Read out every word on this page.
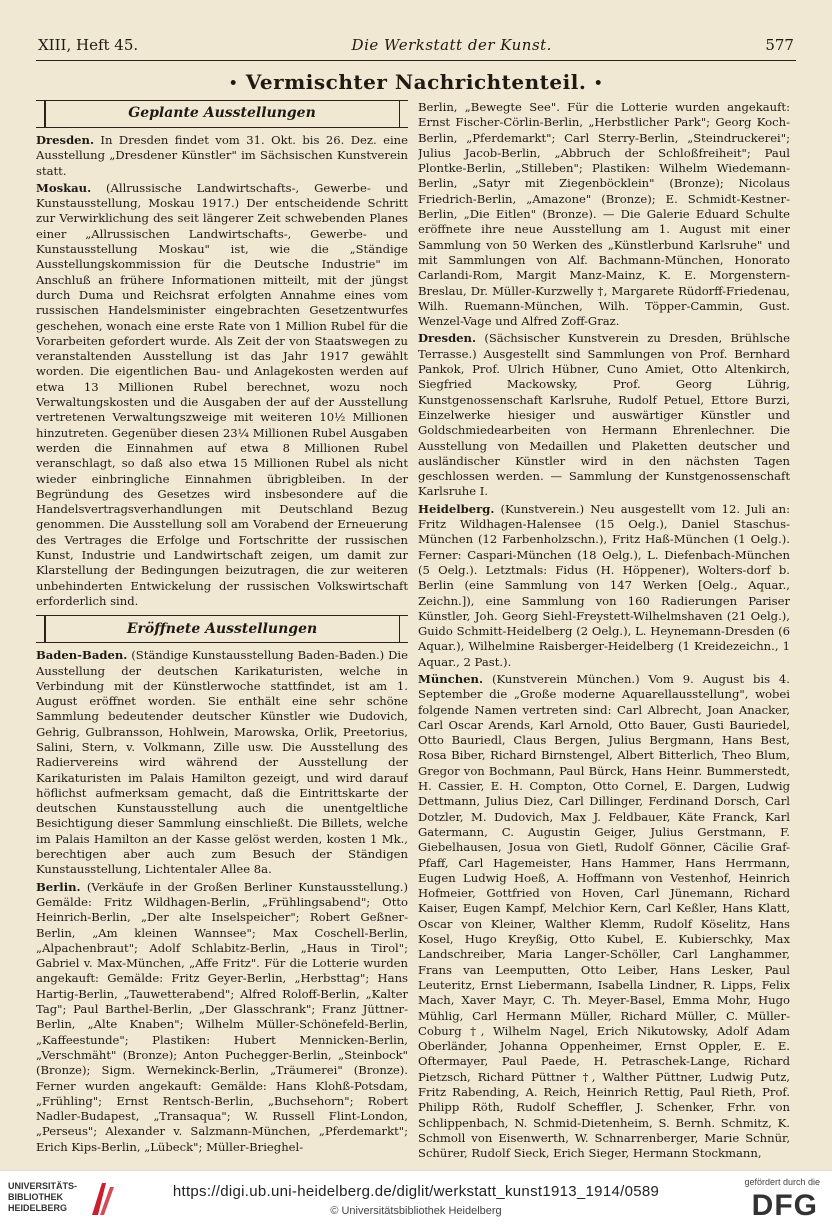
XIII, Heft 45.	Die Werkstatt der Kunst.	577
• Vermischter Nachrichtenteil. •
Geplante Ausstellungen

Dresden. In Dresden findet vom 31. Okt. bis 26. Dez. eine Ausstellung „Dresdener Künstler" im Sächsischen Kunstverein statt.

Moskau. (Allrussische Landwirtschafts-, Gewerbe- und Kunstausstellung, Moskau 1917.) Der entscheidende Schritt zur Verwirklichung des seit längerer Zeit schwebenden Planes einer „Allrussischen Landwirtschafts-, Gewerbe- und Kunstausstellung Moskau" ist, wie die „Ständige Ausstellungskommission für die Deutsche Industrie" im Anschluß an frühere Informationen mitteilt, mit der jüngst durch Duma und Reichsrat erfolgten Annahme eines vom russischen Handelsminister eingebrachten Gesetzentwurfes geschehen, wonach eine erste Rate von 1 Million Rubel für die Vorarbeiten gefordert wurde. Als Zeit der von Staatswegen zu veranstaltenden Ausstellung ist das Jahr 1917 gewählt worden. Die eigentlichen Bau- und Anlagekosten werden auf etwa 13 Millionen Rubel berechnet, wozu noch Verwaltungskosten und die Ausgaben der auf der Ausstellung vertretenen Verwaltungszweige mit weiteren 10½ Millionen hinzutreten. Gegenüber diesen 23¼ Millionen Rubel Ausgaben werden die Einnahmen auf etwa 8 Millionen Rubel veranschlagt, so daß also etwa 15 Millionen Rubel als nicht wieder einbringliche Einnahmen übrigbleiben. In der Begründung des Gesetzes wird insbesondere auf die Handelsvertragsverhandlungen mit Deutschland Bezug genommen. Die Ausstellung soll am Vorabend der Erneuerung des Vertrages die Erfolge und Fortschritte der russischen Kunst, Industrie und Landwirtschaft zeigen, um damit zur Klarstellung der Bedingungen beizutragen, die zur weiteren unbehinderten Entwickelung der russischen Volkswirtschaft erforderlich sind.

Eröffnete Ausstellungen

Baden-Baden. (Ständige Kunstausstellung Baden-Baden.) Die Ausstellung der deutschen Karikaturisten, welche in Verbindung mit der Künstlerwoche stattfindet, ist am 1. August eröffnet worden. Sie enthält eine sehr schöne Sammlung bedeutender deutscher Künstler wie Dudovich, Gehrig, Gulbransson, Hohlwein, Marowska, Orlik, Preetorius, Salini, Stern, v. Volkmann, Zille usw. Die Ausstellung des Radiervereins wird während der Ausstellung der Karikaturisten im Palais Hamilton gezeigt, und wird darauf höflichst aufmerksam gemacht, daß die Eintrittskarte der deutschen Kunstausstellung auch die unentgeltliche Besichtigung dieser Sammlung einschließt. Die Billets, welche im Palais Hamilton an der Kasse gelöst werden, kosten 1 Mk., berechtigen aber auch zum Besuch der Ständigen Kunstausstellung, Lichtentaler Allee 8a.

Berlin. (Verkäufe in der Großen Berliner Kunstausstellung.) Gemälde: Fritz Wildhagen-Berlin, „Frühlingsabend"; Otto Heinrich-Berlin, „Der alte Inselspeicher"; Robert Geßner-Berlin, „Am kleinen Wannsee"; Max Coschell-Berlin, „Alpachenbraut"; Adolf Schlabitz-Berlin, „Haus in Tirol"; Gabriel v. Max-München, „Affe Fritz". Für die Lotterie wurden angekauft: Gemälde: Fritz Geyer-Berlin, „Herbsttag"; Hans Hartig-Berlin, „Tauwetterabend"; Alfred Roloff-Berlin, „Kalter Tag"; Paul Barthel-Berlin, „Der Glasschrank"; Franz Jüttner-Berlin, „Alte Knaben"; Wilhelm Müller-Schönefeld-Berlin, „Kaffeestunde"; Plastiken: Hubert Mennicken-Berlin, „Verschmäht" (Bronze); Anton Puchegger-Berlin, „Steinbock" (Bronze); Sigm. Wernekinck-Berlin, „Träumerei" (Bronze). Ferner wurden angekauft: Gemälde: Hans Klohß-Potsdam, „Frühling"; Ernst Rentsch-Berlin, „Buchsehorn"; Robert Nadler-Budapest, „Transaqua"; W. Russell Flint-London, „Perseus"; Alexander v. Salzmann-München, „Pferdemarkt"; Erich Kips-Berlin, „Lübeck"; Müller-Brieghel-

Berlin, „Bewegte See". Für die Lotterie wurden angekauft: Ernst Fischer-Cörlin-Berlin, „Herbstlicher Park"; Georg Koch-Berlin, „Pferdemarkt"; Carl Sterry-Berlin, „Steindruckerei"; Julius Jacob-Berlin, „Abbruch der Schloßfreiheit"; Paul Plontke-Berlin, „Stilleben"; Plastiken: Wilhelm Wiedemann-Berlin, „Satyr mit Ziegenböcklein" (Bronze); Nicolaus Friedrich-Berlin, „Amazone" (Bronze); E. Schmidt-Kestner-Berlin, „Die Eitlen" (Bronze). — Die Galerie Eduard Schulte eröffnete ihre neue Ausstellung am 1. August mit einer Sammlung von 50 Werken des „Künstlerbund Karlsruhe" und mit Sammlungen von Alf. Bachmann-München, Honorato Carlandi-Rom, Margit Manz-Mainz, K. E. Morgenstern-Breslau, Dr. Müller-Kurzwelly †, Margarete Rüdorff-Friedenau, Wilh. Ruemann-München, Wilh. Töpper-Cammin, Gust. Wenzel-Vage und Alfred Zoff-Graz.

Dresden. (Sächsischer Kunstverein zu Dresden, Brühlsche Terrasse.) Ausgestellt sind Sammlungen von Prof. Bernhard Pankok, Prof. Ulrich Hübner, Cuno Amiet, Otto Altenkirch, Siegfried Mackowsky, Prof. Georg Lührig, Kunstgenossenschaft Karlsruhe, Rudolf Petuel, Ettore Burzi, Einzelwerke hiesiger und auswärtiger Künstler und Goldschmiedearbeiten von Hermann Ehrenlechner. Die Ausstellung von Medaillen und Plaketten deutscher und ausländischer Künstler wird in den nächsten Tagen geschlossen werden. — Sammlung der Kunstgenossenschaft Karlsruhe I.

Heidelberg. (Kunstverein.) Neu ausgestellt vom 12. Juli an: Fritz Wildhagen-Halensee (15 Oelg.), Daniel Staschus-München (12 Farbenholzschn.), Fritz Haß-München (1 Oelg.). Ferner: Caspari-München (18 Oelg.), L. Diefenbach-München (5 Oelg.). Letztmals: Fidus (H. Höppener), Wolters-dorf b. Berlin (eine Sammlung von 147 Werken [Oelg., Aquar., Zeichn.]), eine Sammlung von 160 Radierungen Pariser Künstler, Joh. Georg Siehl-Freystett-Wilhelmshaven (21 Oelg.), Guido Schmitt-Heidelberg (2 Oelg.), L. Heynemann-Dresden (6 Aquar.), Wilhelmine Raisberger-Heidelberg (1 Kreidezeichn., 1 Aquar., 2 Past.).

München. (Kunstverein München.) Vom 9. August bis 4. September die „Große moderne Aquarellausstellung", wobei folgende Namen vertreten sind: Carl Albrecht, Joan Anacker, Carl Oscar Arends, Karl Arnold, Otto Bauer, Gusti Bauriedel, Otto Bauriedl, Claus Bergen, Julius Bergmann, Hans Best, Rosa Biber, Richard Birnstengel, Albert Bitterlich, Theo Blum, Gregor von Bochmann, Paul Bürck, Hans Heinr. Bummerstedt, H. Cassier, E. H. Compton, Otto Cornel, E. Dargen, Ludwig Dettmann, Julius Diez, Carl Dillinger, Ferdinand Dorsch, Carl Dotzler, M. Dudovich, Max J. Feldbauer, Käte Franck, Karl Gatermann, C. Augustin Geiger, Julius Gerstmann, F. Giebelhausen, Josua von Gietl, Rudolf Gönner, Cäcilie Graf-Pfaff, Carl Hagemeister, Hans Hammer, Hans Herrmann, Eugen Ludwig Hoeß, A. Hoffmann von Vestenhof, Heinrich Hofmeier, Gottfried von Hoven, Carl Jünemann, Richard Kaiser, Eugen Kampf, Melchior Kern, Carl Keßler, Hans Klatt, Oscar von Kleiner, Walther Klemm, Rudolf Köselitz, Hans Kosel, Hugo Kreyßig, Otto Kubel, E. Kubierschky, Max Landschreiber, Maria Langer-Schöller, Carl Langhammer, Frans van Leemputten, Otto Leiber, Hans Lesker, Paul Leuteritz, Ernst Liebermann, Isabella Lindner, R. Lipps, Felix Mach, Xaver Mayr, C. Th. Meyer-Basel, Emma Mohr, Hugo Mühlig, Carl Hermann Müller, Richard Müller, C. Müller-Coburg †, Wilhelm Nagel, Erich Nikutowsky, Adolf Adam Oberländer, Johanna Oppenheimer, Ernst Oppler, E. E. Oftermayer, Paul Paede, H. Petraschek-Lange, Richard Pietzsch, Richard Püttner †, Walther Püttner, Ludwig Putz, Fritz Rabending, A. Reich, Heinrich Rettig, Paul Rieth, Prof. Philipp Röth, Rudolf Scheffler, J. Schenker, Frhr. von Schlippenbach, N. Schmid-Dietenheim, S. Bernh. Schmitz, K. Schmoll von Eisenwerth, W. Schnarrenberger, Marie Schnür, Schürer, Rudolf Sieck, Erich Sieger, Hermann Stockmann,

UNIVERSITÄTS-
BIBLIOTHEK
HEIDELBERG
https://digi.ub.uni-heidelberg.de/diglit/werkstatt_kunst1913_1914/0589
© Universitätsbibliothek Heidelberg
gefördert durch die
DFG
